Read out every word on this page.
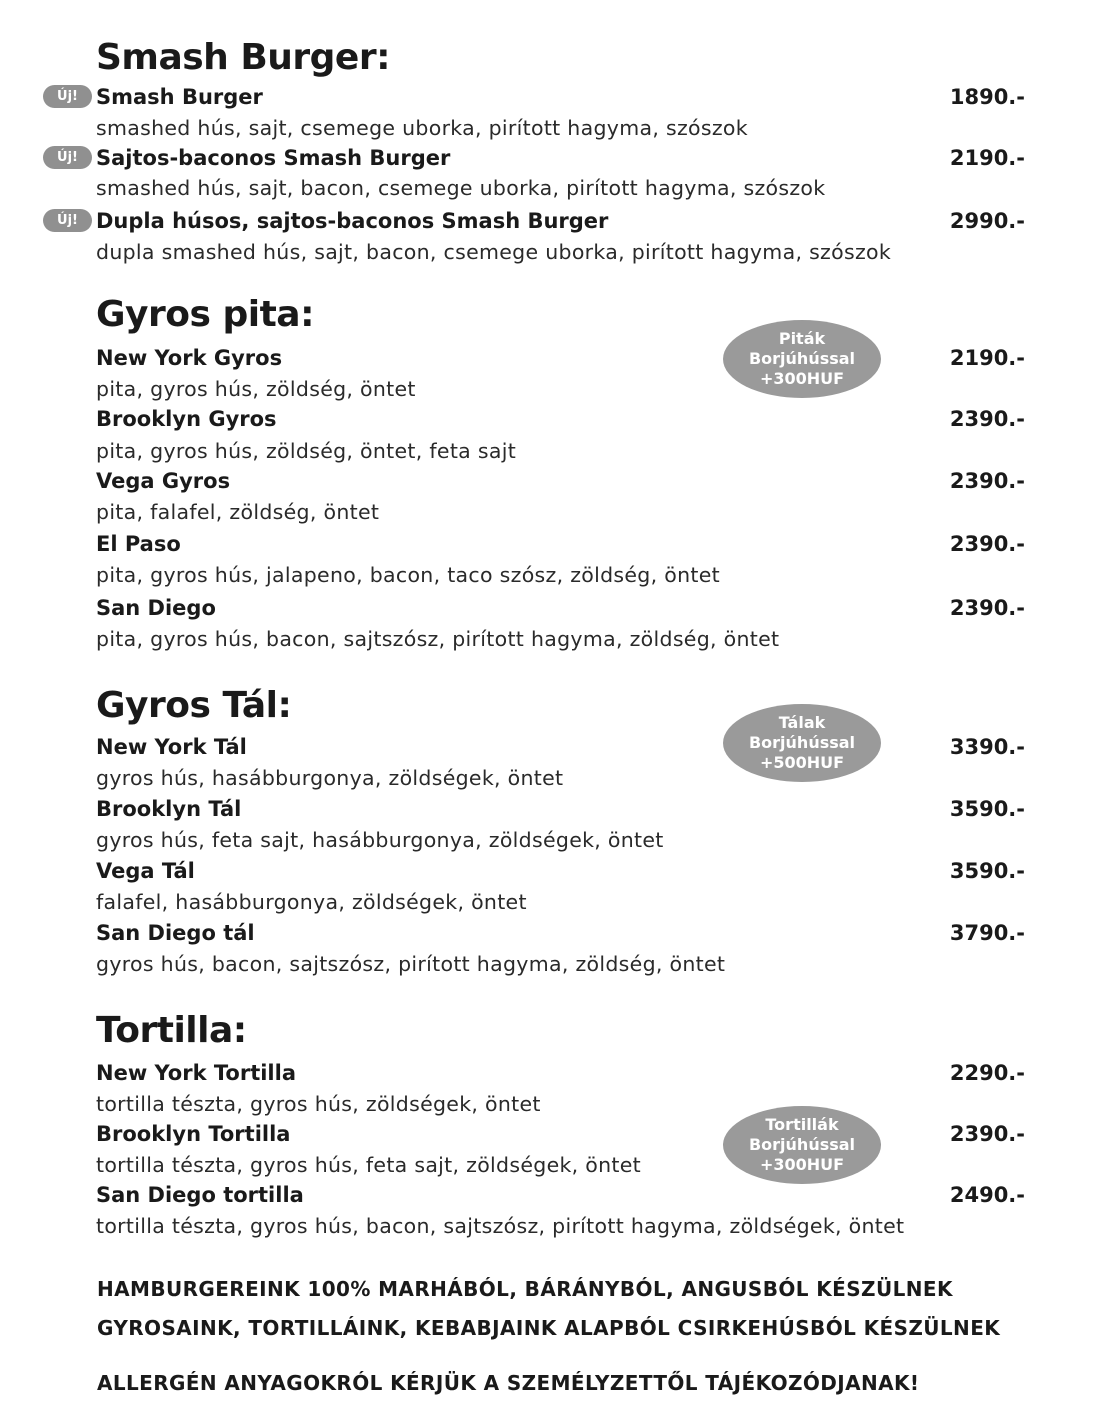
Smash Burger:
Új! Smash Burger	1890.-
smashed hús, sajt, csemege uborka, pirított hagyma, szószok
Új! Sajtos-baconos Smash Burger	2190.-
smashed hús, sajt, bacon, csemege uborka, pirított hagyma, szószok
Új! Dupla húsos, sajtos-baconos Smash Burger	2990.-
dupla smashed hús, sajt, bacon, csemege uborka, pirított hagyma, szószok
Gyros pita:
Piták
Borjúhússal
+300HUF
New York Gyros	2190.-
pita, gyros hús, zöldség, öntet
Brooklyn Gyros	2390.-
pita, gyros hús, zöldség, öntet, feta sajt
Vega Gyros	2390.-
pita, falafel, zöldség, öntet
El Paso	2390.-
pita, gyros hús, jalapeno, bacon, taco szósz, zöldség, öntet
San Diego	2390.-
pita, gyros hús, bacon, sajtszósz, pirított hagyma, zöldség, öntet
Gyros Tál:	Tálak
Borjúhússal
+500HUF
New York Tál	3390.-
gyros hús, hasábburgonya, zöldségek, öntet
Brooklyn Tál	3590.-
gyros hús, feta sajt, hasábburgonya, zöldségek, öntet
Vega Tál	3590.-
falafel, hasábburgonya, zöldségek, öntet
San Diego tál	3790.-
gyros hús, bacon, sajtszósz, pirított hagyma, zöldség, öntet
Tortilla:
Tortillák
Borjúhússal
+300HUF
New York Tortilla	2290.-
tortilla tészta, gyros hús, zöldségek, öntet
Brooklyn Tortilla	2390.-
tortilla tészta, gyros hús, feta sajt, zöldségek, öntet
San Diego tortilla	2490.-
tortilla tészta, gyros hús, bacon, sajtszósz, pirított hagyma, zöldségek, öntet
HAMBURGEREINK 100% MARHÁBÓL, BÁRÁNYBÓL, ANGUSBÓL KÉSZÜLNEK
GYROSAINK, TORTILLÁINK, KEBABJAINK ALAPBÓL CSIRKEHÚSBÓL KÉSZÜLNEK
ALLERGÉN ANYAGOKRÓL KÉRJÜK A SZEMÉLYZETTŐL TÁJÉKOZÓDJANAK!
